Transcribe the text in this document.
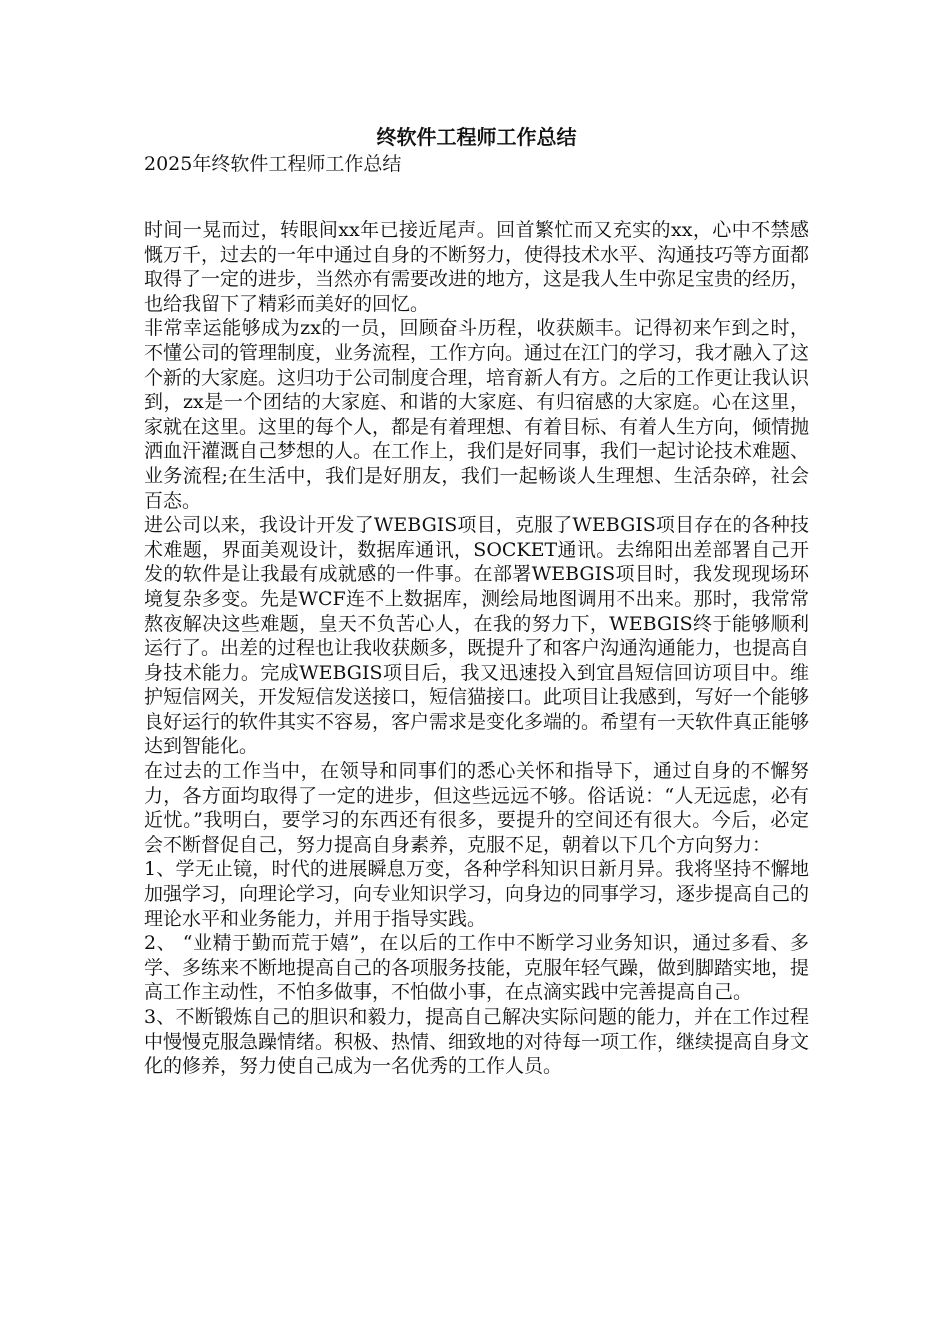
终软件工程师工作总结

2025年终软件工程师工作总结

时间一晃而过，转眼间xx年已接近尾声。回首繁忙而又充实的xx，心中不禁感慨万千，过去的一年中通过自身的不断努力，使得技术水平、沟通技巧等方面都取得了一定的进步，当然亦有需要改进的地方，这是我人生中弥足宝贵的经历，也给我留下了精彩而美好的回忆。

非常幸运能够成为zx的一员，回顾奋斗历程，收获颇丰。记得初来乍到之时，不懂公司的管理制度，业务流程，工作方向。通过在江门的学习，我才融入了这个新的大家庭。这归功于公司制度合理，培育新人有方。之后的工作更让我认识到，zx是一个团结的大家庭、和谐的大家庭、有归宿感的大家庭。心在这里，家就在这里。这里的每个人，都是有着理想、有着目标、有着人生方向，倾情抛洒血汗灌溉自己梦想的人。在工作上，我们是好同事，我们一起讨论技术难题、业务流程;在生活中，我们是好朋友，我们一起畅谈人生理想、生活杂碎，社会百态。

进公司以来，我设计开发了WEBGIS项目，克服了WEBGIS项目存在的各种技术难题，界面美观设计，数据库通讯，SOCKET通讯。去绵阳出差部署自己开发的软件是让我最有成就感的一件事。在部署WEBGIS项目时，我发现现场环境复杂多变。先是WCF连不上数据库，测绘局地图调用不出来。那时，我常常熬夜解决这些难题，皇天不负苦心人，在我的努力下，WEBGIS终于能够顺利运行了。出差的过程也让我收获颇多，既提升了和客户沟通沟通能力，也提高自身技术能力。完成WEBGIS项目后，我又迅速投入到宜昌短信回访项目中。维护短信网关，开发短信发送接口，短信猫接口。此项目让我感到，写好一个能够良好运行的软件其实不容易，客户需求是变化多端的。希望有一天软件真正能够达到智能化。

在过去的工作当中，在领导和同事们的悉心关怀和指导下，通过自身的不懈努力，各方面均取得了一定的进步，但这些远远不够。俗话说：“人无远虑，必有近忧。”我明白，要学习的东西还有很多，要提升的空间还有很大。今后，必定会不断督促自己，努力提高自身素养，克服不足，朝着以下几个方向努力：

1、学无止镜，时代的进展瞬息万变，各种学科知识日新月异。我将坚持不懈地加强学习，向理论学习，向专业知识学习，向身边的同事学习，逐步提高自己的理论水平和业务能力，并用于指导实践。

2、 “业精于勤而荒于嬉”，在以后的工作中不断学习业务知识，通过多看、多学、多练来不断地提高自己的各项服务技能，克服年轻气躁，做到脚踏实地，提高工作主动性，不怕多做事，不怕做小事，在点滴实践中完善提高自己。

3、不断锻炼自己的胆识和毅力，提高自己解决实际问题的能力，并在工作过程中慢慢克服急躁情绪。积极、热情、细致地的对待每一项工作，继续提高自身文化的修养，努力使自己成为一名优秀的工作人员。
